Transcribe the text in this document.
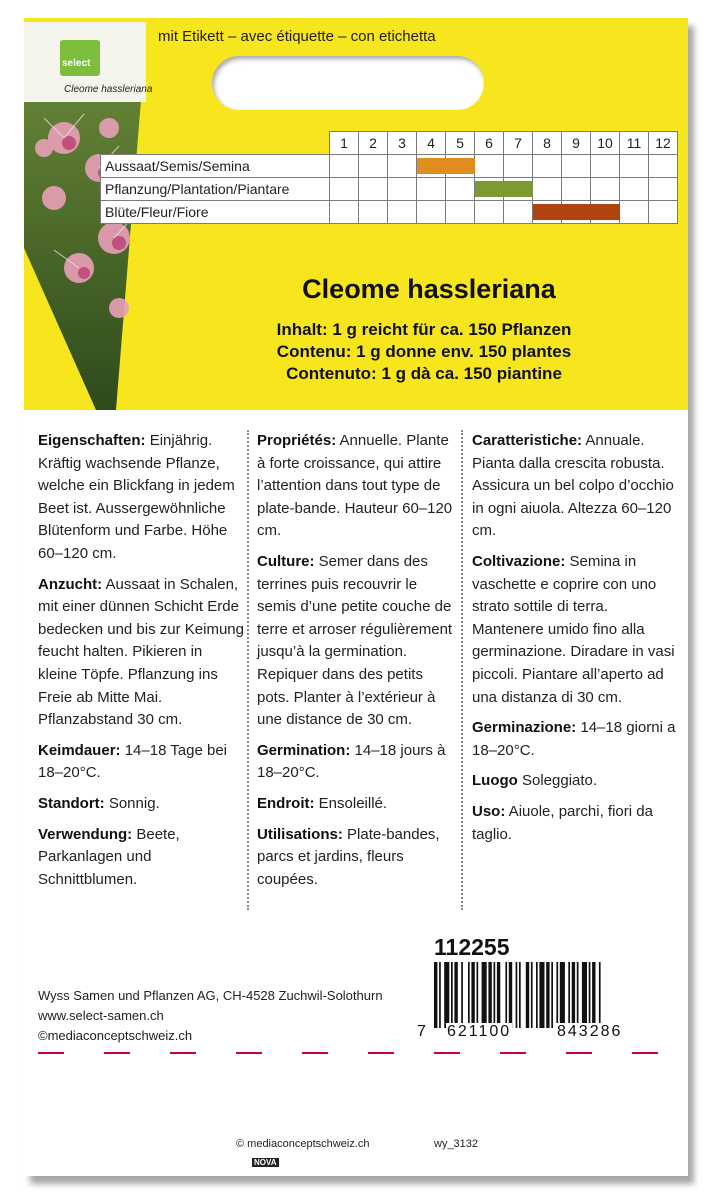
mit Etikett – avec étiquette – con etichetta
select
Cleome hassleriana
	1	2	3	4	5	6	7	8	9	10	11	12
Aussaat/Semis/Semina												
Pflanzung/Plantation/Piantare												
Blüte/Fleur/Fiore												
Cleome hassleriana
Inhalt: 1 g reicht für ca. 150 Pflanzen
Contenu: 1 g donne env. 150 plantes
Contenuto: 1 g dà ca. 150 piantine

Eigenschaften: Einjährig. Kräftig wachsende Pflanze, welche ein Blickfang in jedem Beet ist. Aussergewöhnliche Blütenform und Farbe. Höhe 60–120 cm.

Anzucht: Aussaat in Schalen, mit einer dünnen Schicht Erde bedecken und bis zur Keimung feucht halten. Pikieren in kleine Töpfe. Pflanzung ins Freie ab Mitte Mai. Pflanzabstand 30 cm.

Keimdauer: 14–18 Tage bei 18–20°C.

Standort: Sonnig.

Verwendung: Beete, Parkanlagen und Schnittblumen.

Propriétés: Annuelle. Plante à forte croissance, qui attire l’attention dans tout type de plate-bande. Hauteur 60–120 cm.

Culture: Semer dans des terrines puis recouvrir le semis d’une petite couche de terre et arroser régulièrement jusqu’à la germination. Repiquer dans des petits pots. Planter à l’extérieur à une distance de 30 cm.

Germination: 14–18 jours à 18–20°C.

Endroit: Ensoleillé.

Utilisations: Plate-bandes, parcs et jardins, fleurs coupées.

Caratteristiche: Annuale. Pianta dalla crescita robusta. Assicura un bel colpo d’occhio in ogni aiuola. Altezza 60–120 cm.

Coltivazione: Semina in vaschette e coprire con uno strato sottile di terra. Mantenere umido fino alla germinazione. Diradare in vasi piccoli. Piantare all’aperto ad una distanza di 30 cm.

Germinazione: 14–18 giorni a 18–20°C.

Luogo Soleggiato.

Uso: Aiuole, parchi, fiori da taglio.

112255
Wyss Samen und Pflanzen AG, CH-4528 Zuchwil-Solothurn
www.select-samen.ch
©mediaconceptschweiz.ch	7 621100	843286
© mediaconceptschweiz.ch	wy_3132
NOVA
